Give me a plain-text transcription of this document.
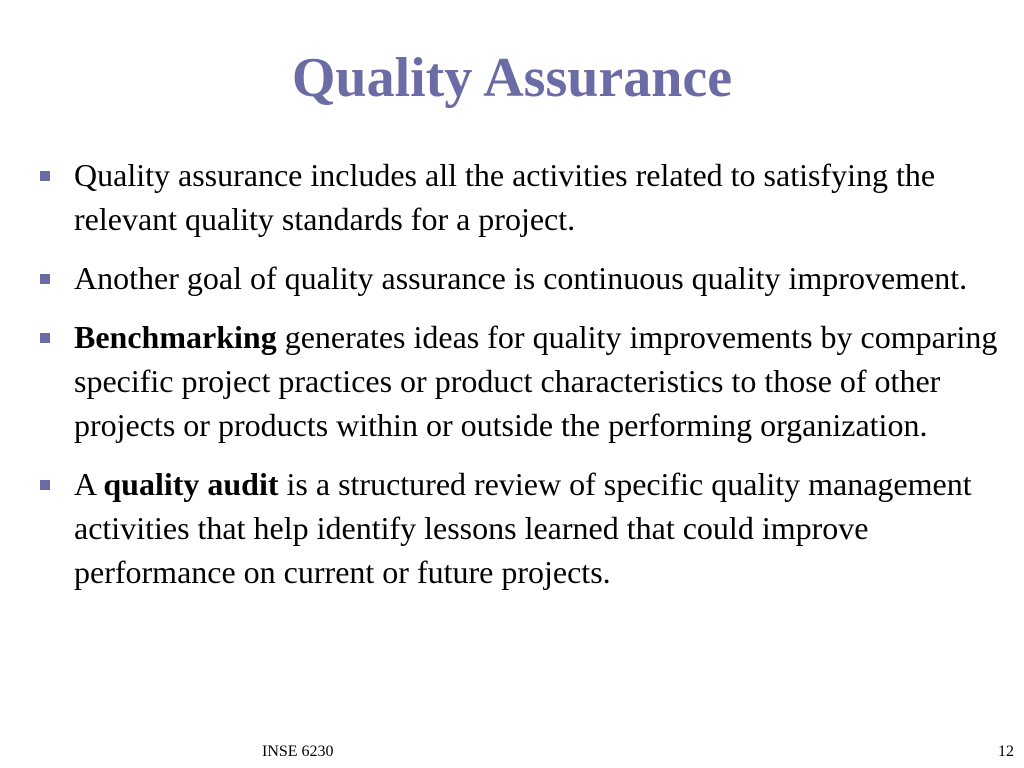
Quality Assurance
Quality assurance includes all the activities related to satisfying the relevant quality standards for a project.
Another goal of quality assurance is continuous quality improvement.
Benchmarking generates ideas for quality improvements by comparing specific project practices or product characteristics to those of other projects or products within or outside the performing organization.
A quality audit is a structured review of specific quality management activities that help identify lessons learned that could improve performance on current or future projects.
INSE 6230	12
